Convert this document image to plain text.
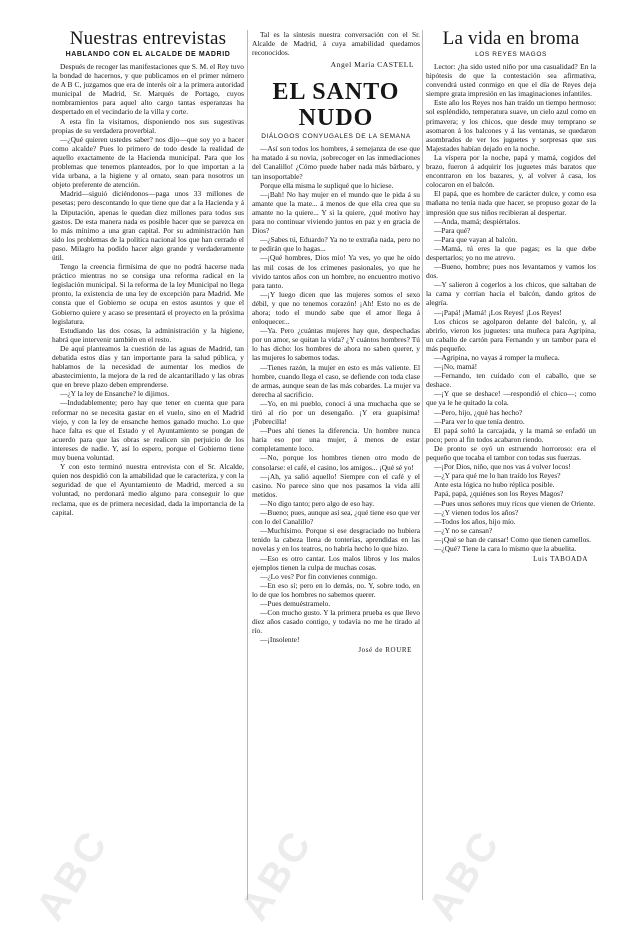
Nuestras entrevistas
HABLANDO CON EL ALCALDE DE MADRID

Después de recoger las manifestaciones que S. M. el Rey tuvo la bondad de hacernos, y que publicamos en el primer número de A B C, juzgamos que era de interés oír a la primera autoridad municipal de Madrid, Sr. Marqués de Portago, cuyos nombramientos para aquel alto cargo tantas esperanzas ha despertado en el vecindario de la villa y corte.

A esta fin la visitamos, disponiendo nos sus sugestivas propias de su verdadera proverbial.

—¿Qué quieren ustedes saber? nos dijo—que soy yo a hacer como alcalde? Pues lo primero de todo desde la realidad de aquello exactamente de la Hacienda municipal. Para que los problemas que tenemos planteados, por lo que importan a la vida urbana, a la higiene y al ornato, sean para nosotros un objeto preferente de atención.

Madrid—siguió diciéndonos—paga unos 33 millones de pesetas; pero descontando lo que tiene que dar a la Hacienda y á la Diputación, apenas le quedan diez millones para todos sus gastos. De esta manera nada es posible hacer que se parezca en lo más mínimo a una gran capital. Por su administración han sido los problemas de la política nacional los que han cerrado el paso. Milagro ha podido hacer algo grande y verdaderamente útil.

Tengo la creencia firmísima de que no podrá hacerse nada práctico mientras no se consiga una reforma radical en la legislación municipal. Si la reforma de la ley Municipal no llega pronto, la existencia de una ley de excepción para Madrid. Me consta que el Gobierno se ocupa en estos asuntos y que el Gobierno quiere y acaso se presentará el proyecto en la próxima legislatura.

Estudiando las dos cosas, la administración y la higiene, habrá que intervenir también en el resto.

De aquí planteamos la cuestión de las aguas de Madrid, tan debatida estos días y tan importante para la salud pública, y hablamos de la necesidad de aumentar los medios de abastecimiento, la mejora de la red de alcantarillado y las obras que en breve plazo deben emprenderse.

—¿Y la ley de Ensanche? le dijimos.

—Indudablemente; pero hay que tener en cuenta que para reformar no se necesita gastar en el vuelo, sino en el Madrid viejo, y con la ley de ensanche hemos ganado mucho. Lo que hace falta es que el Estado y el Ayuntamiento se pongan de acuerdo para que las obras se realicen sin perjuicio de los intereses de nadie. Y, así lo espero, porque el Gobierno tiene muy buena voluntad.

Y con esto terminó nuestra entrevista con el Sr. Alcalde, quien nos despidió con la amabilidad que le caracteriza, y con la seguridad de que el Ayuntamiento de Madrid, merced a su voluntad, no perdonará medio alguno para conseguir lo que reclama, que es de primera necesidad, dada la importancia de la capital.

Tal es la síntesis nuestra conversación con el Sr. Alcalde de Madrid, á cuya amabilidad quedamos reconocidos.

Angel María CASTELL
EL SANTO NUDO
DIÁLOGOS CONYUGALES DE LA SEMANA

—Así son todos los hombres, á semejanza de ese que ha matado á su novia, ¡sobrecoger en las inmediaciones del Canalillo! ¿Cómo puede haber nada más bárbaro, y tan insoportable?

Porque ella misma le supliqué que lo hiciese.

—¡Bah! No hay mujer en el mundo que le pida á su amante que la mate... á menos de que ella crea que su amante no la quiere... Y si la quiere, ¿qué motivo hay para no continuar viviendo juntos en paz y en gracia de Dios?

—¿Sabes tú, Eduardo? Ya no te extraña nada, pero no te pedirán que lo hagas...

—¡Qué hombres, Dios mío! Ya ves, yo que he oído las mil cosas de los crímenes pasionales, yo que he vivido tantos años con un hombre, no encuentro motivo para tanto.

—¡Y luego dicen que las mujeres somos el sexo débil, y que no tenemos corazón! ¡Ah! Esto no es de ahora; todo el mundo sabe que el amor llega á enloquecer...

—Ya. Pero ¿cuántas mujeres hay que, despechadas por un amor, se quitan la vida? ¿Y cuántos hombres? Tú lo has dicho: los hombres de ahora no saben querer, y las mujeres lo sabemos todas.

—Tienes razón, la mujer en esto es más valiente. El hombre, cuando llega el caso, se defiende con toda clase de armas, aunque sean de las más cobardes. La mujer va derecha al sacrificio.

—Yo, en mi pueblo, conocí á una muchacha que se tiró al río por un desengaño. ¡Y era guapísima! ¡Pobrecilla!

—Pues ahí tienes la diferencia. Un hombre nunca haría eso por una mujer, á menos de estar completamente loco.

—No, porque los hombres tienen otro modo de consolarse: el café, el casino, los amigos... ¡Qué sé yo!

—¡Ah, ya salió aquello! Siempre con el café y el casino. No parece sino que nos pasamos la vida allí metidos.

—No digo tanto; pero algo de eso hay.

—Bueno; pues, aunque así sea, ¿qué tiene eso que ver con lo del Canalillo?

—Muchísimo. Porque si ese desgraciado no hubiera tenido la cabeza llena de tonterías, aprendidas en las novelas y en los teatros, no habría hecho lo que hizo.

—Eso es otro cantar. Los malos libros y los malos ejemplos tienen la culpa de muchas cosas.

—¿Lo ves? Por fin convienes conmigo.

—En eso sí; pero en lo demás, no. Y, sobre todo, en lo de que los hombres no sabemos querer.

—Pues demuéstramelo.

—Con mucho gusto. Y la primera prueba es que llevo diez años casado contigo, y todavía no me he tirado al río.

—¡Insolente!

José de ROURE
La vida en broma
LOS REYES MAGOS

Lector: ¿ha sido usted niño por una casualidad? En la hipótesis de que la contestación sea afirmativa, convendrá usted conmigo en que el día de Reyes deja siempre grata impresión en las imaginaciones infantiles.

Este año los Reyes nos han traído un tiempo hermoso: sol espléndido, temperatura suave, un cielo azul como en primavera; y los chicos, que desde muy temprano se asomaron á los balcones y á las ventanas, se quedaron asombrados de ver los juguetes y sorpresas que sus Majestades habían dejado en la noche.

La víspera por la noche, papá y mamá, cogidos del brazo, fueron á adquirir los juguetes más baratos que encontraron en los bazares, y, al volver á casa, los colocaron en el balcón.

El papá, que es hombre de carácter dulce, y como esa mañana no tenía nada que hacer, se propuso gozar de la impresión que sus niños recibieran al despertar.

—Anda, mamá; despiértalos.

—Para qué?

—Para que vayan al balcón.

—Mamá, tú eres la que pagas; es la que debe despertarlos; yo no me atrevo.

—Bueno, hombre; pues nos levantamos y vamos los dos.

—Y salieron á cogerlos a los chicos, que saltaban de la cama y corrían hacia el balcón, dando gritos de alegría.

—¡Papá! ¡Mamá! ¡Los Reyes! ¡Los Reyes!

Los chicos se agolparon delante del balcón, y, al abrirlo, vieron los juguetes: una muñeca para Agripina, un caballo de cartón para Fernando y un tambor para el más pequeño.

—Agripina, no vayas á romper la muñeca.

—¡No, mamá!

—Fernando, ten cuidado con el caballo, que se deshace.

—¡Y que se deshace! —respondió el chico—; como que ya le he quitado la cola.

—Pero, hijo, ¿qué has hecho?

—Para ver lo que tenía dentro.

El papá soltó la carcajada, y la mamá se enfadó un poco; pero al fin todos acabaron riendo.

De pronto se oyó un estruendo horroroso: era el pequeño que tocaba el tambor con todas sus fuerzas.

—¡Por Dios, niño, que nos vas á volver locos!

—¿Y para qué me lo han traído los Reyes?

Ante esta lógica no hubo réplica posible.

Papá, papá, ¿quiénes son los Reyes Magos?

—Pues unos señores muy ricos que vienen de Oriente.

—¿Y vienen todos los años?

—Todos los años, hijo mío.

—¿Y no se cansan?

—¡Qué se han de cansar! Como que tienen camellos.

—¿Qué? Tiene la cara lo mismo que la abuelita.

Luis TABOADA
ABC	ABC ABC
